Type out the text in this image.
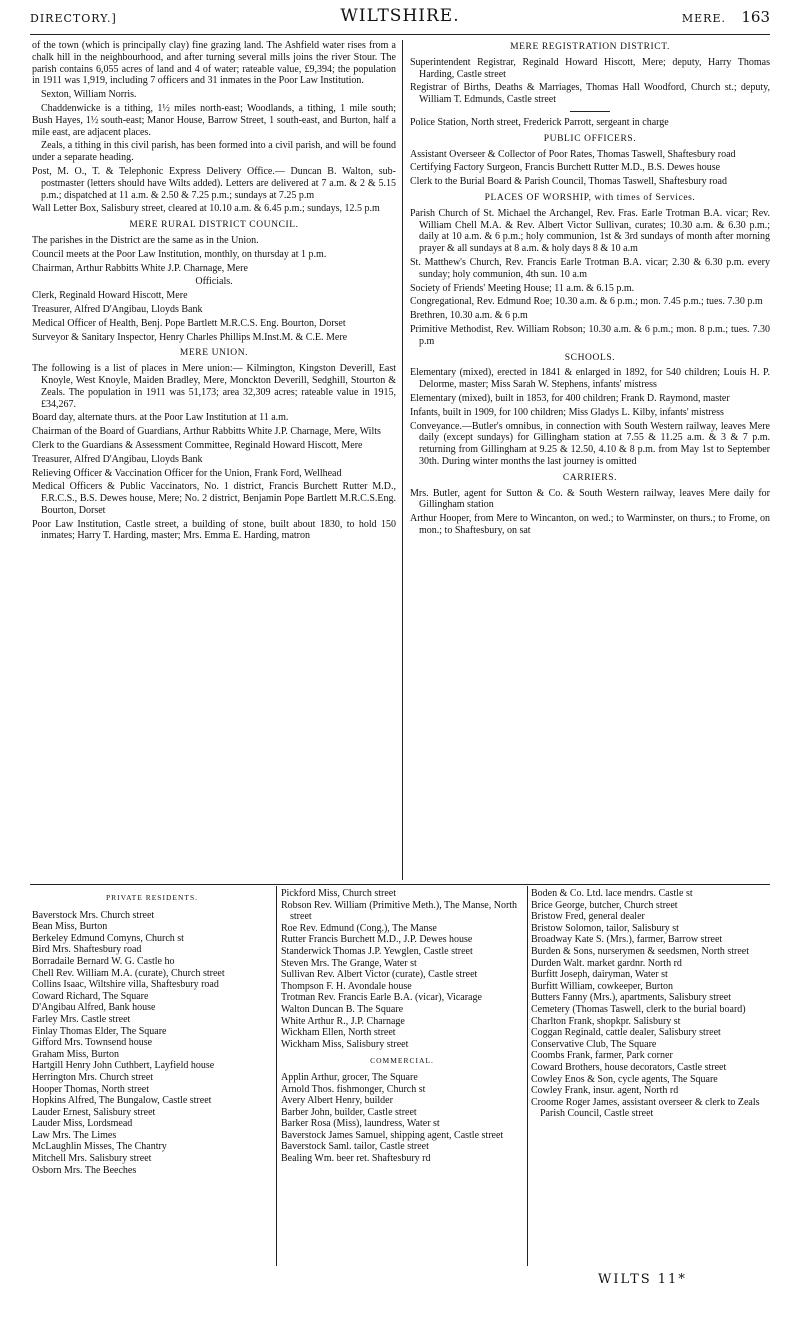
DIRECTORY.]	WILTSHIRE.	MERE. 163

of the town (which is principally clay) fine grazing land. The Ashfield water rises from a chalk hill in the neighbourhood, and after turning several mills joins the river Stour. The parish contains 6,055 acres of land and 4 of water; rateable value, £9,394; the population in 1911 was 1,919, including 7 officers and 31 inmates in the Poor Law Institution.

Sexton, William Norris.

Chaddenwicke is a tithing, 1½ miles north-east; Woodlands, a tithing, 1 mile south; Bush Hayes, 1½ south-east; Manor House, Barrow Street, 1 south-east, and Burton, half a mile east, are adjacent places.

Zeals, a tithing in this civil parish, has been formed into a civil parish, and will be found under a separate heading.

Post, M. O., T. & Telephonic Express Delivery Office.— Duncan B. Walton, sub-postmaster (letters should have Wilts added). Letters are delivered at 7 a.m. & 2 & 5.15 p.m.; dispatched at 11 a.m. & 2.50 & 7.25 p.m.; sundays at 7.25 p.m

Wall Letter Box, Salisbury street, cleared at 10.10 a.m. & 6.45 p.m.; sundays, 12.5 p.m

MERE RURAL DISTRICT COUNCIL.

The parishes in the District are the same as in the Union.

Council meets at the Poor Law Institution, monthly, on thursday at 1 p.m.

Chairman, Arthur Rabbitts White J.P. Charnage, Mere

Officials.

Clerk, Reginald Howard Hiscott, Mere

Treasurer, Alfred D'Angibau, Lloyds Bank

Medical Officer of Health, Benj. Pope Bartlett M.R.C.S. Eng. Bourton, Dorset

Surveyor & Sanitary Inspector, Henry Charles Phillips M.Inst.M. & C.E. Mere

MERE UNION.

The following is a list of places in Mere union:— Kilmington, Kingston Deverill, East Knoyle, West Knoyle, Maiden Bradley, Mere, Monckton Deverill, Sedghill, Stourton & Zeals. The population in 1911 was 51,173; area 32,309 acres; rateable value in 1915, £34,267.

Board day, alternate thurs. at the Poor Law Institution at 11 a.m.

Chairman of the Board of Guardians, Arthur Rabbitts White J.P. Charnage, Mere, Wilts

Clerk to the Guardians & Assessment Committee, Reginald Howard Hiscott, Mere

Treasurer, Alfred D'Angibau, Lloyds Bank

Relieving Officer & Vaccination Officer for the Union, Frank Ford, Wellhead

Medical Officers & Public Vaccinators, No. 1 district, Francis Burchett Rutter M.D., F.R.C.S., B.S. Dewes house, Mere; No. 2 district, Benjamin Pope Bartlett M.R.C.S.Eng. Bourton, Dorset

Poor Law Institution, Castle street, a building of stone, built about 1830, to hold 150 inmates; Harry T. Harding, master; Mrs. Emma E. Harding, matron

MERE REGISTRATION DISTRICT.

Superintendent Registrar, Reginald Howard Hiscott, Mere; deputy, Harry Thomas Harding, Castle street

Registrar of Births, Deaths & Marriages, Thomas Hall Woodford, Church st.; deputy, William T. Edmunds, Castle street

Police Station, North street, Frederick Parrott, sergeant in charge

PUBLIC OFFICERS.

Assistant Overseer & Collector of Poor Rates, Thomas Taswell, Shaftesbury road

Certifying Factory Surgeon, Francis Burchett Rutter M.D., B.S. Dewes house

Clerk to the Burial Board & Parish Council, Thomas Taswell, Shaftesbury road

PLACES OF WORSHIP, with times of Services.

Parish Church of St. Michael the Archangel, Rev. Fras. Earle Trotman B.A. vicar; Rev. William Chell M.A. & Rev. Albert Victor Sullivan, curates; 10.30 a.m. & 6.30 p.m.; daily at 10 a.m. & 6 p.m.; holy communion, 1st & 3rd sundays of month after morning prayer & all sundays at 8 a.m. & holy days 8 & 10 a.m

St. Matthew's Church, Rev. Francis Earle Trotman B.A. vicar; 2.30 & 6.30 p.m. every sunday; holy communion, 4th sun. 10 a.m

Society of Friends' Meeting House; 11 a.m. & 6.15 p.m.

Congregational, Rev. Edmund Roe; 10.30 a.m. & 6 p.m.; mon. 7.45 p.m.; tues. 7.30 p.m

Brethren, 10.30 a.m. & 6 p.m

Primitive Methodist, Rev. William Robson; 10.30 a.m. & 6 p.m.; mon. 8 p.m.; tues. 7.30 p.m

SCHOOLS.

Elementary (mixed), erected in 1841 & enlarged in 1892, for 540 children; Louis H. P. Delorme, master; Miss Sarah W. Stephens, infants' mistress

Elementary (mixed), built in 1853, for 400 children; Frank D. Raymond, master

Infants, built in 1909, for 100 children; Miss Gladys L. Kilby, infants' mistress

Conveyance.—Butler's omnibus, in connection with South Western railway, leaves Mere daily (except sundays) for Gillingham station at 7.55 & 11.25 a.m. & 3 & 7 p.m. returning from Gillingham at 9.25 & 12.50, 4.10 & 8 p.m. from May 1st to September 30th. During winter months the last journey is omitted

CARRIERS.

Mrs. Butler, agent for Sutton & Co. & South Western railway, leaves Mere daily for Gillingham station

Arthur Hooper, from Mere to Wincanton, on wed.; to Warminster, on thurs.; to Frome, on mon.; to Shaftesbury, on sat

PRIVATE RESIDENTS.

Baverstock Mrs. Church street

Bean Miss, Burton

Berkeley Edmund Comyns, Church st

Bird Mrs. Shaftesbury road

Borradaile Bernard W. G. Castle ho

Chell Rev. William M.A. (curate), Church street

Collins Isaac, Wiltshire villa, Shaftesbury road

Coward Richard, The Square

D'Angibau Alfred, Bank house

Farley Mrs. Castle street

Finlay Thomas Elder, The Square

Gifford Mrs. Townsend house

Graham Miss, Burton

Hartgill Henry John Cuthbert, Layfield house

Herrington Mrs. Church street

Hooper Thomas, North street

Hopkins Alfred, The Bungalow, Castle street

Lauder Ernest, Salisbury street

Lauder Miss, Lordsmead

Law Mrs. The Limes

McLaughlin Misses, The Chantry

Mitchell Mrs. Salisbury street

Osborn Mrs. The Beeches

Pickford Miss, Church street

Robson Rev. William (Primitive Meth.), The Manse, North street

Roe Rev. Edmund (Cong.), The Manse

Rutter Francis Burchett M.D., J.P. Dewes house

Standerwick Thomas J.P. Yewglen, Castle street

Steven Mrs. The Grange, Water st

Sullivan Rev. Albert Victor (curate), Castle street

Thompson F. H. Avondale house

Trotman Rev. Francis Earle B.A. (vicar), Vicarage

Walton Duncan B. The Square

White Arthur R., J.P. Charnage

Wickham Ellen, North street

Wickham Miss, Salisbury street

COMMERCIAL.

Applin Arthur, grocer, The Square

Arnold Thos. fishmonger, Church st

Avery Albert Henry, builder

Barber John, builder, Castle street

Barker Rosa (Miss), laundress, Water st

Baverstock James Samuel, shipping agent, Castle street

Baverstock Saml. tailor, Castle street

Bealing Wm. beer ret. Shaftesbury rd

Boden & Co. Ltd. lace mendrs. Castle st

Brice George, butcher, Church street

Bristow Fred, general dealer

Bristow Solomon, tailor, Salisbury st

Broadway Kate S. (Mrs.), farmer, Barrow street

Burden & Sons, nurserymen & seedsmen, North street

Durden Walt. market gardnr. North rd

Burfitt Joseph, dairyman, Water st

Burfitt William, cowkeeper, Burton

Butters Fanny (Mrs.), apartments, Salisbury street

Cemetery (Thomas Taswell, clerk to the burial board)

Charlton Frank, shopkpr. Salisbury st

Coggan Reginald, cattle dealer, Salisbury street

Conservative Club, The Square

Coombs Frank, farmer, Park corner

Coward Brothers, house decorators, Castle street

Cowley Enos & Son, cycle agents, The Square

Cowley Frank, insur. agent, North rd

Croome Roger James, assistant overseer & clerk to Zeals Parish Council, Castle street

WILTS 11*
